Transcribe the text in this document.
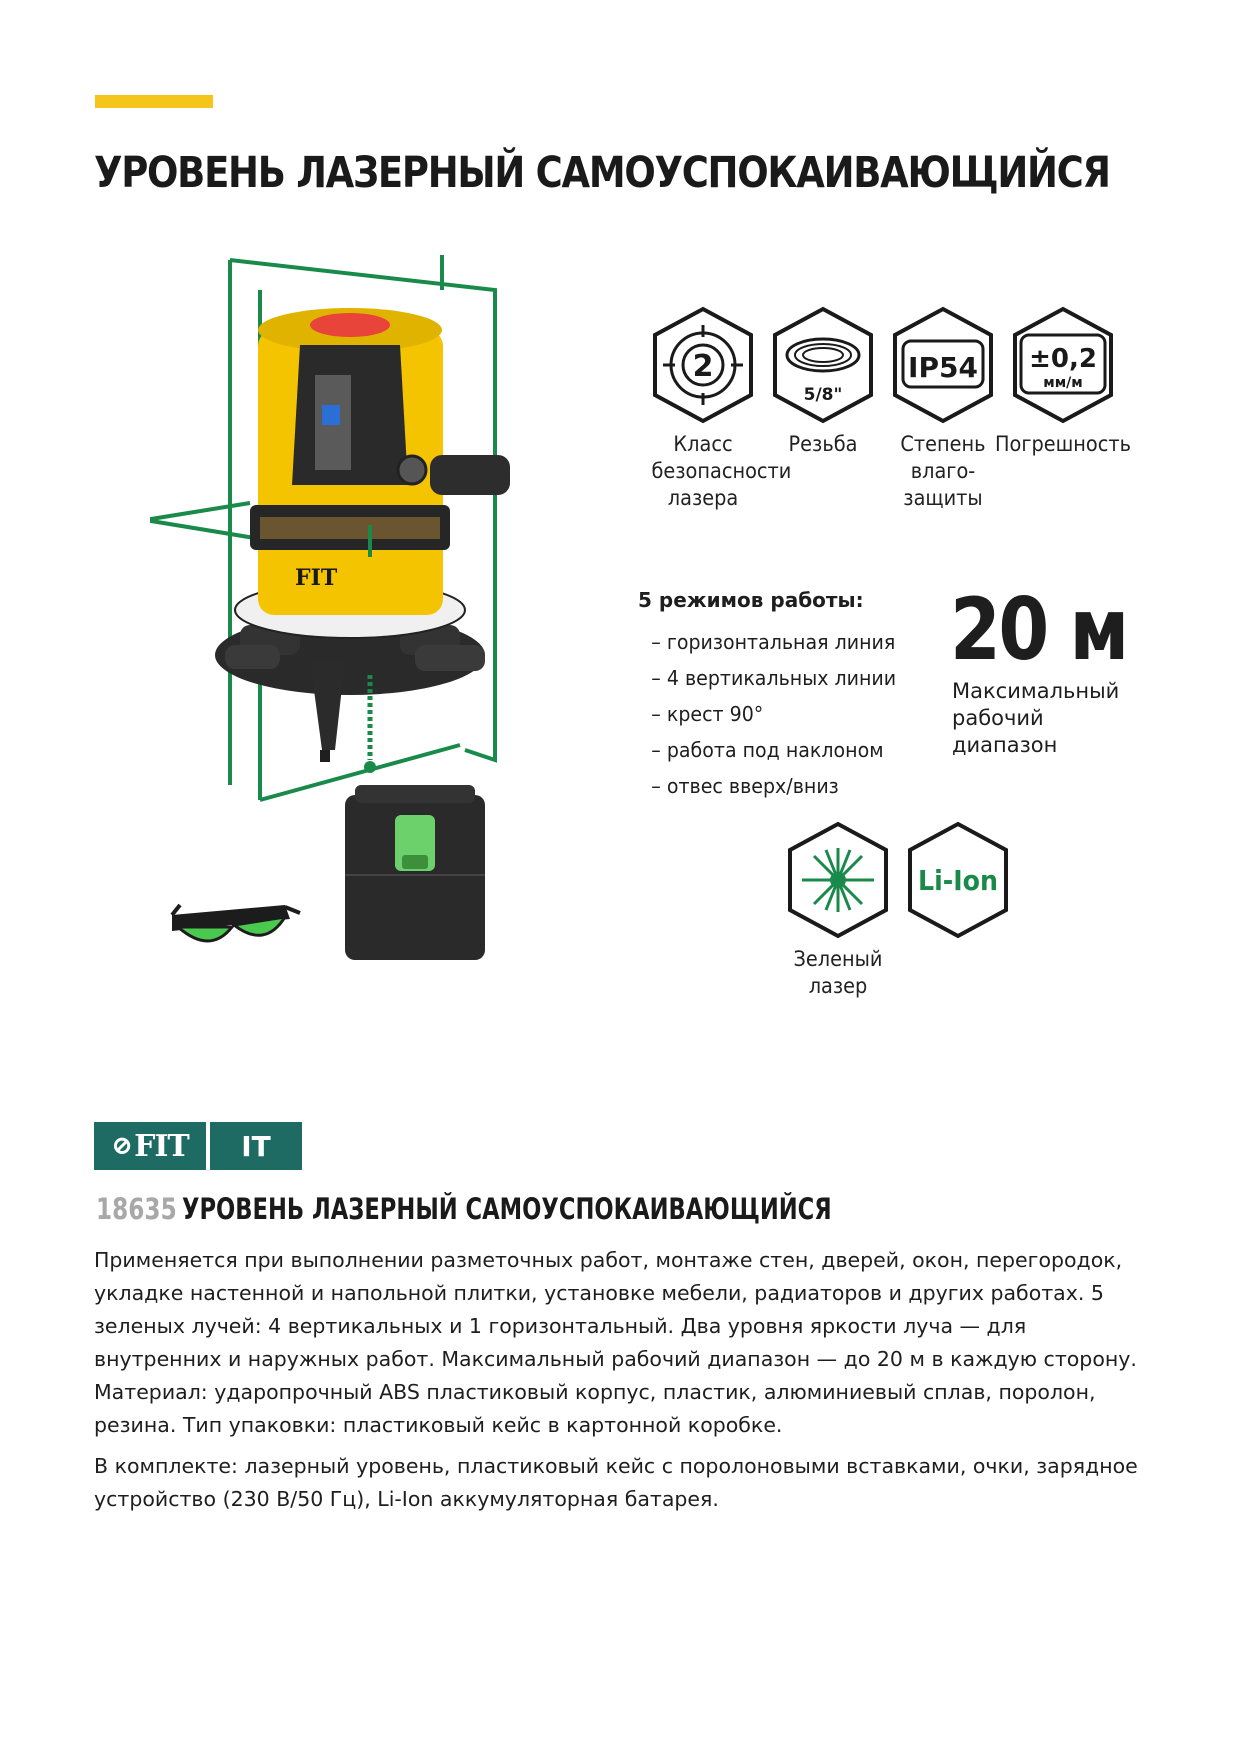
УРОВЕНЬ ЛАЗЕРНЫЙ САМОУСПОКАИВАЮЩИЙСЯ
FIT
2
Класс
безопасности
лазера
5/8"
Резьба
IP54
Степень
влаго-
защиты
±0,2
мм/м
Погрешность

5 режимов работы:

– горизонтальная линия
– 4 вертикальных линии
– крест 90°
– работа под наклоном
– отвес вверх/вниз
20 м
Максимальный
рабочий
диапазон
Зеленый
лазер
Li-Ion
⊘ FIT	IT
18635 УРОВЕНЬ ЛАЗЕРНЫЙ САМОУСПОКАИВАЮЩИЙСЯ

Применяется при выполнении разметочных работ, монтаже стен, дверей, окон, перегородок, укладке настенной и напольной плитки, установке мебели, радиаторов и других работах. 5 зеленых лучей: 4 вертикальных и 1 горизонтальный. Два уровня яркости луча — для внутренних и наружных работ. Максимальный рабочий диапазон — до 20 м в каждую сторону. Материал: ударопрочный ABS пластиковый корпус, пластик, алюминиевый сплав, поролон, резина. Тип упаковки: пластиковый кейс в картонной коробке.

В комплекте: лазерный уровень, пластиковый кейс с поролоновыми вставками, очки, зарядное устройство (230 В/50 Гц), Li-Ion аккумуляторная батарея.
